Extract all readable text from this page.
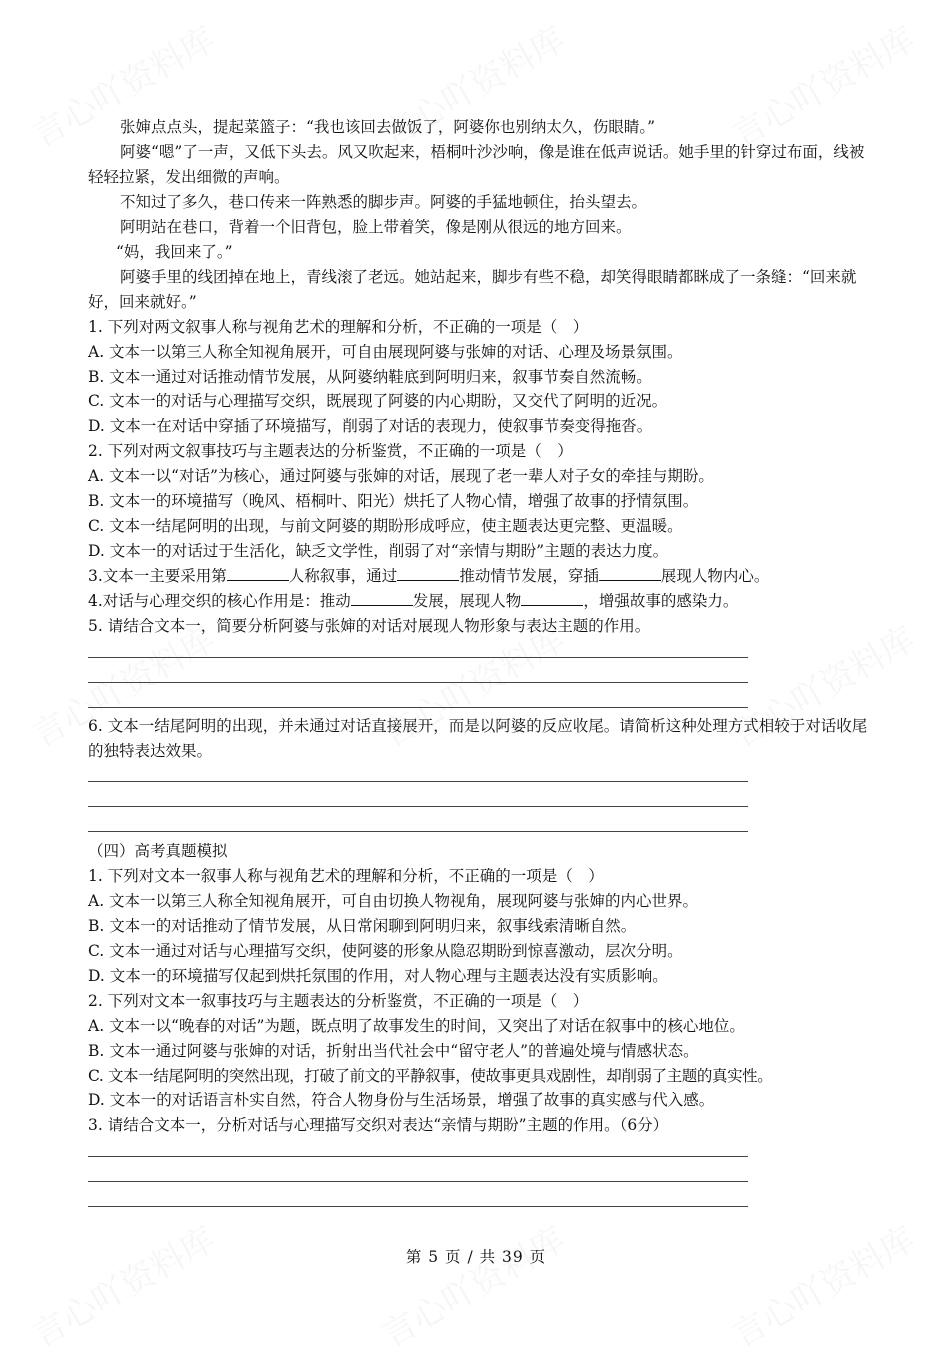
张婶点点头，提起菜篮子：“我也该回去做饭了，阿婆你也别纳太久，伤眼睛。”

阿婆“嗯”了一声，又低下头去。风又吹起来，梧桐叶沙沙响，像是谁在低声说话。她手里的针穿过布面，线被轻轻拉紧，发出细微的声响。

不知过了多久，巷口传来一阵熟悉的脚步声。阿婆的手猛地顿住，抬头望去。

阿明站在巷口，背着一个旧背包，脸上带着笑，像是刚从很远的地方回来。

“妈，我回来了。”

阿婆手里的线团掉在地上，青线滚了老远。她站起来，脚步有些不稳，却笑得眼睛都眯成了一条缝：“回来就好，回来就好。”

1. 下列对两文叙事人称与视角艺术的理解和分析，不正确的一项是（　）

A. 文本一以第三人称全知视角展开，可自由展现阿婆与张婶的对话、心理及场景氛围。

B. 文本一通过对话推动情节发展，从阿婆纳鞋底到阿明归来，叙事节奏自然流畅。

C. 文本一的对话与心理描写交织，既展现了阿婆的内心期盼，又交代了阿明的近况。

D. 文本一在对话中穿插了环境描写，削弱了对话的表现力，使叙事节奏变得拖沓。

2. 下列对两文叙事技巧与主题表达的分析鉴赏，不正确的一项是（　）

A. 文本一以“对话”为核心，通过阿婆与张婶的对话，展现了老一辈人对子女的牵挂与期盼。

B. 文本一的环境描写（晚风、梧桐叶、阳光）烘托了人物心情，增强了故事的抒情氛围。

C. 文本一结尾阿明的出现，与前文阿婆的期盼形成呼应，使主题表达更完整、更温暖。

D. 文本一的对话过于生活化，缺乏文学性，削弱了对“亲情与期盼”主题的表达力度。

3.文本一主要采用第	人称叙事，通过	推动情节发展，穿插	展现人物内心。

4.对话与心理交织的核心作用是：推动	发展，展现人物	，增强故事的感染力。

5. 请结合文本一，简要分析阿婆与张婶的对话对展现人物形象与表达主题的作用。

6. 文本一结尾阿明的出现，并未通过对话直接展开，而是以阿婆的反应收尾。请简析这种处理方式相较于对话收尾的独特表达效果。

（四）高考真题模拟

1. 下列对文本一叙事人称与视角艺术的理解和分析，不正确的一项是（　）

A. 文本一以第三人称全知视角展开，可自由切换人物视角，展现阿婆与张婶的内心世界。

B. 文本一的对话推动了情节发展，从日常闲聊到阿明归来，叙事线索清晰自然。

C. 文本一通过对话与心理描写交织，使阿婆的形象从隐忍期盼到惊喜激动，层次分明。

D. 文本一的环境描写仅起到烘托氛围的作用，对人物心理与主题表达没有实质影响。

2. 下列对文本一叙事技巧与主题表达的分析鉴赏，不正确的一项是（　）

A. 文本一以“晚春的对话”为题，既点明了故事发生的时间，又突出了对话在叙事中的核心地位。

B. 文本一通过阿婆与张婶的对话，折射出当代社会中“留守老人”的普遍处境与情感状态。

C. 文本一结尾阿明的突然出现，打破了前文的平静叙事，使故事更具戏剧性，却削弱了主题的真实性。

D. 文本一的对话语言朴实自然，符合人物身份与生活场景，增强了故事的真实感与代入感。

3. 请结合文本一，分析对话与心理描写交织对表达“亲情与期盼”主题的作用。（6分）

第 5 页 / 共 39 页
